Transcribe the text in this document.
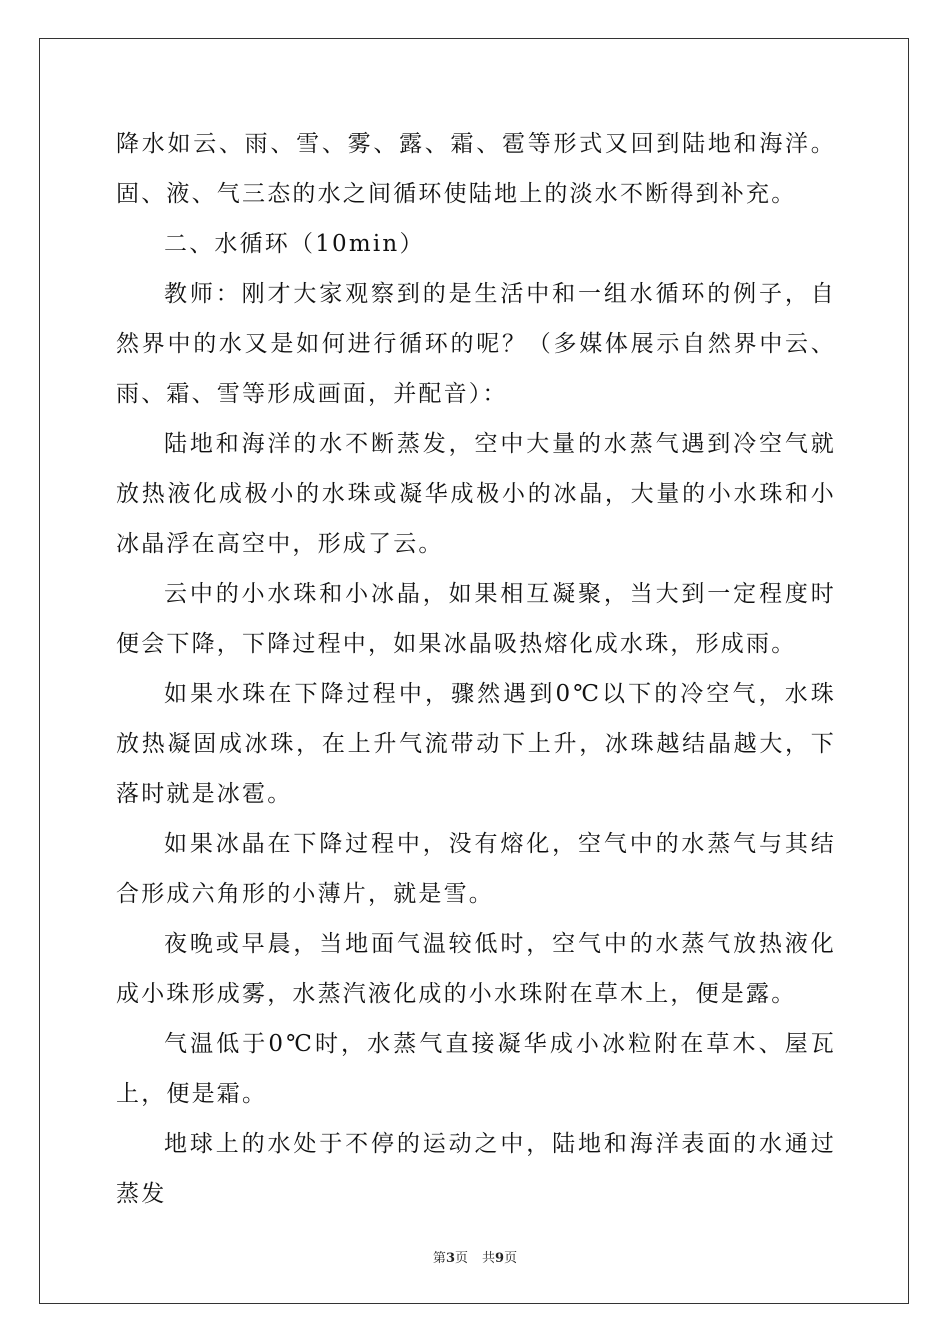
降水如云、雨、雪、雾、露、霜、雹等形式又回到陆地和海洋。固、液、气三态的水之间循环使陆地上的淡水不断得到补充。

二、水循环（10min）

教师：刚才大家观察到的是生活中和一组水循环的例子，自然界中的水又是如何进行循环的呢？（多媒体展示自然界中云、雨、霜、雪等形成画面，并配音）：

陆地和海洋的水不断蒸发，空中大量的水蒸气遇到冷空气就放热液化成极小的水珠或凝华成极小的冰晶，大量的小水珠和小冰晶浮在高空中，形成了云。

云中的小水珠和小冰晶，如果相互凝聚，当大到一定程度时便会下降，下降过程中，如果冰晶吸热熔化成水珠，形成雨。

如果水珠在下降过程中，骤然遇到0℃以下的冷空气，水珠放热凝固成冰珠，在上升气流带动下上升，冰珠越结晶越大，下落时就是冰雹。

如果冰晶在下降过程中，没有熔化，空气中的水蒸气与其结合形成六角形的小薄片，就是雪。

夜晚或早晨，当地面气温较低时，空气中的水蒸气放热液化成小珠形成雾，水蒸汽液化成的小水珠附在草木上，便是露。

气温低于0℃时，水蒸气直接凝华成小冰粒附在草木、屋瓦上，便是霜。

地球上的水处于不停的运动之中，陆地和海洋表面的水通过蒸发

第3页 共9页
